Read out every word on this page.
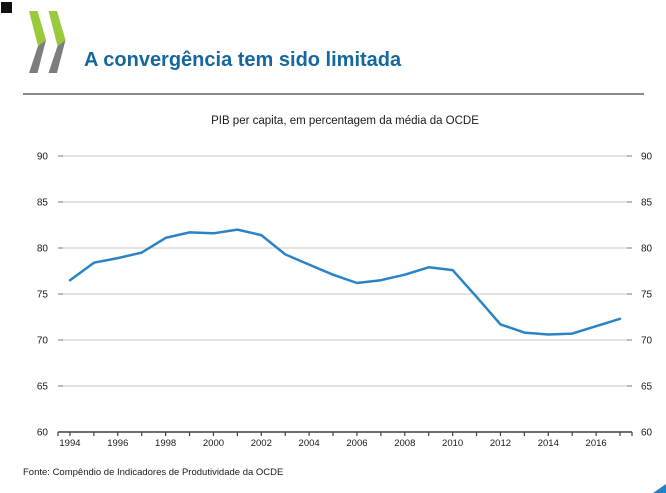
A convergência tem sido limitada
PIB per capita, em percentagem da média da OCDE
60	60
65	65
70	70
75	75
80	80
85	85
90	90
1994	1996	1998	2000	2002	2004	2006	2008	2010	2012	2014	2016
Fonte: Compêndio de Indicadores de Produtividade da OCDE
